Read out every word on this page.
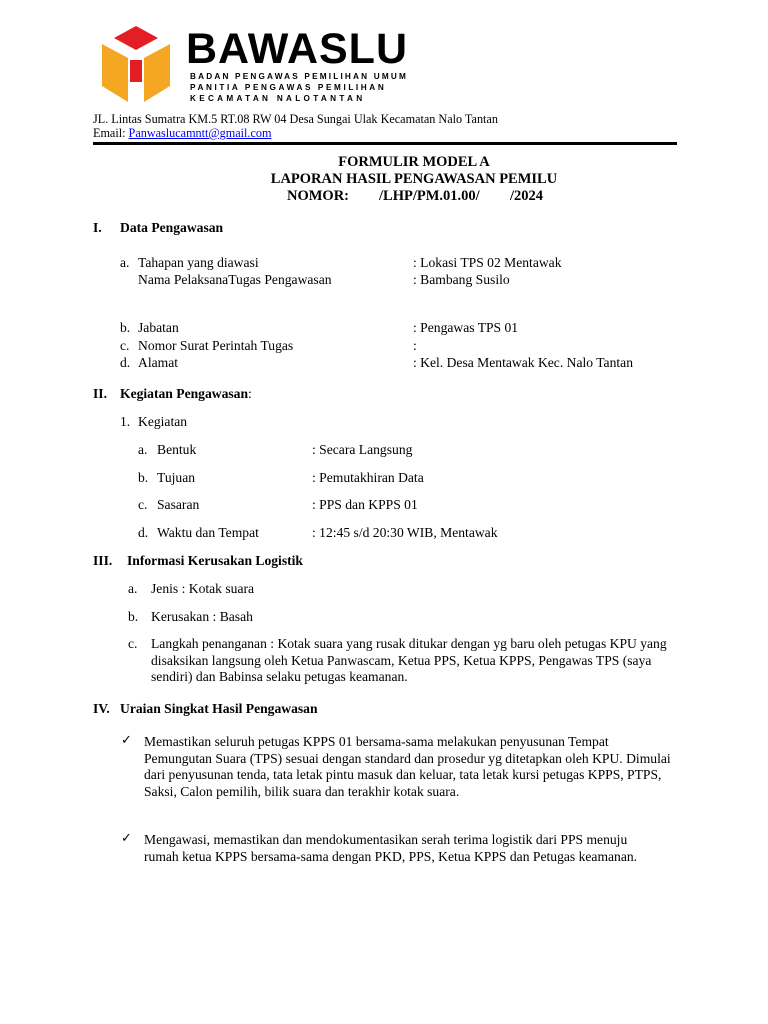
BAWASLU
BADAN PENGAWAS PEMILIHAN UMUM
PANITIA PENGAWAS PEMILIHAN
KECAMATAN NALOTANTAN
JL. Lintas Sumatra KM.5 RT.08 RW 04 Desa Sungai Ulak Kecamatan Nalo Tantan
Email: Panwaslucamntt@gmail.com
FORMULIR MODEL A
LAPORAN HASIL PENGAWASAN PEMILU
NOMOR: /LHP/PM.01.00/ /2024
I. Data Pengawasan
a. Tahapan yang diawasi	: Lokasi TPS 02 Mentawak
Nama PelaksanaTugas Pengawasan	: Bambang Susilo
b. Jabatan	: Pengawas TPS 01
c. Nomor Surat Perintah Tugas	:
d. Alamat	: Kel. Desa Mentawak Kec. Nalo Tantan
II. Kegiatan Pengawasan:
1. Kegiatan
a. Bentuk	: Secara Langsung
b. Tujuan	: Pemutakhiran Data
c. Sasaran	: PPS dan KPPS 01
d. Waktu dan Tempat	: 12:45 s/d 20:30 WIB, Mentawak
III. Informasi Kerusakan Logistik
a. Jenis : Kotak suara
b. Kerusakan : Basah
c. Langkah penanganan : Kotak suara yang rusak ditukar dengan yg baru oleh petugas KPU yang disaksikan langsung oleh Ketua Panwascam, Ketua PPS, Ketua KPPS, Pengawas TPS (saya sendiri) dan Babinsa selaku petugas keamanan.
IV. Uraian Singkat Hasil Pengawasan
✓ Memastikan seluruh petugas KPPS 01 bersama-sama melakukan penyusunan Tempat Pemungutan Suara (TPS) sesuai dengan standard dan prosedur yg ditetapkan oleh KPU. Dimulai dari penyusunan tenda, tata letak pintu masuk dan keluar, tata letak kursi petugas KPPS, PTPS, Saksi, Calon pemilih, bilik suara dan terakhir kotak suara.
✓ Mengawasi, memastikan dan mendokumentasikan serah terima logistik dari PPS menuju rumah ketua KPPS bersama-sama dengan PKD, PPS, Ketua KPPS dan Petugas keamanan.
